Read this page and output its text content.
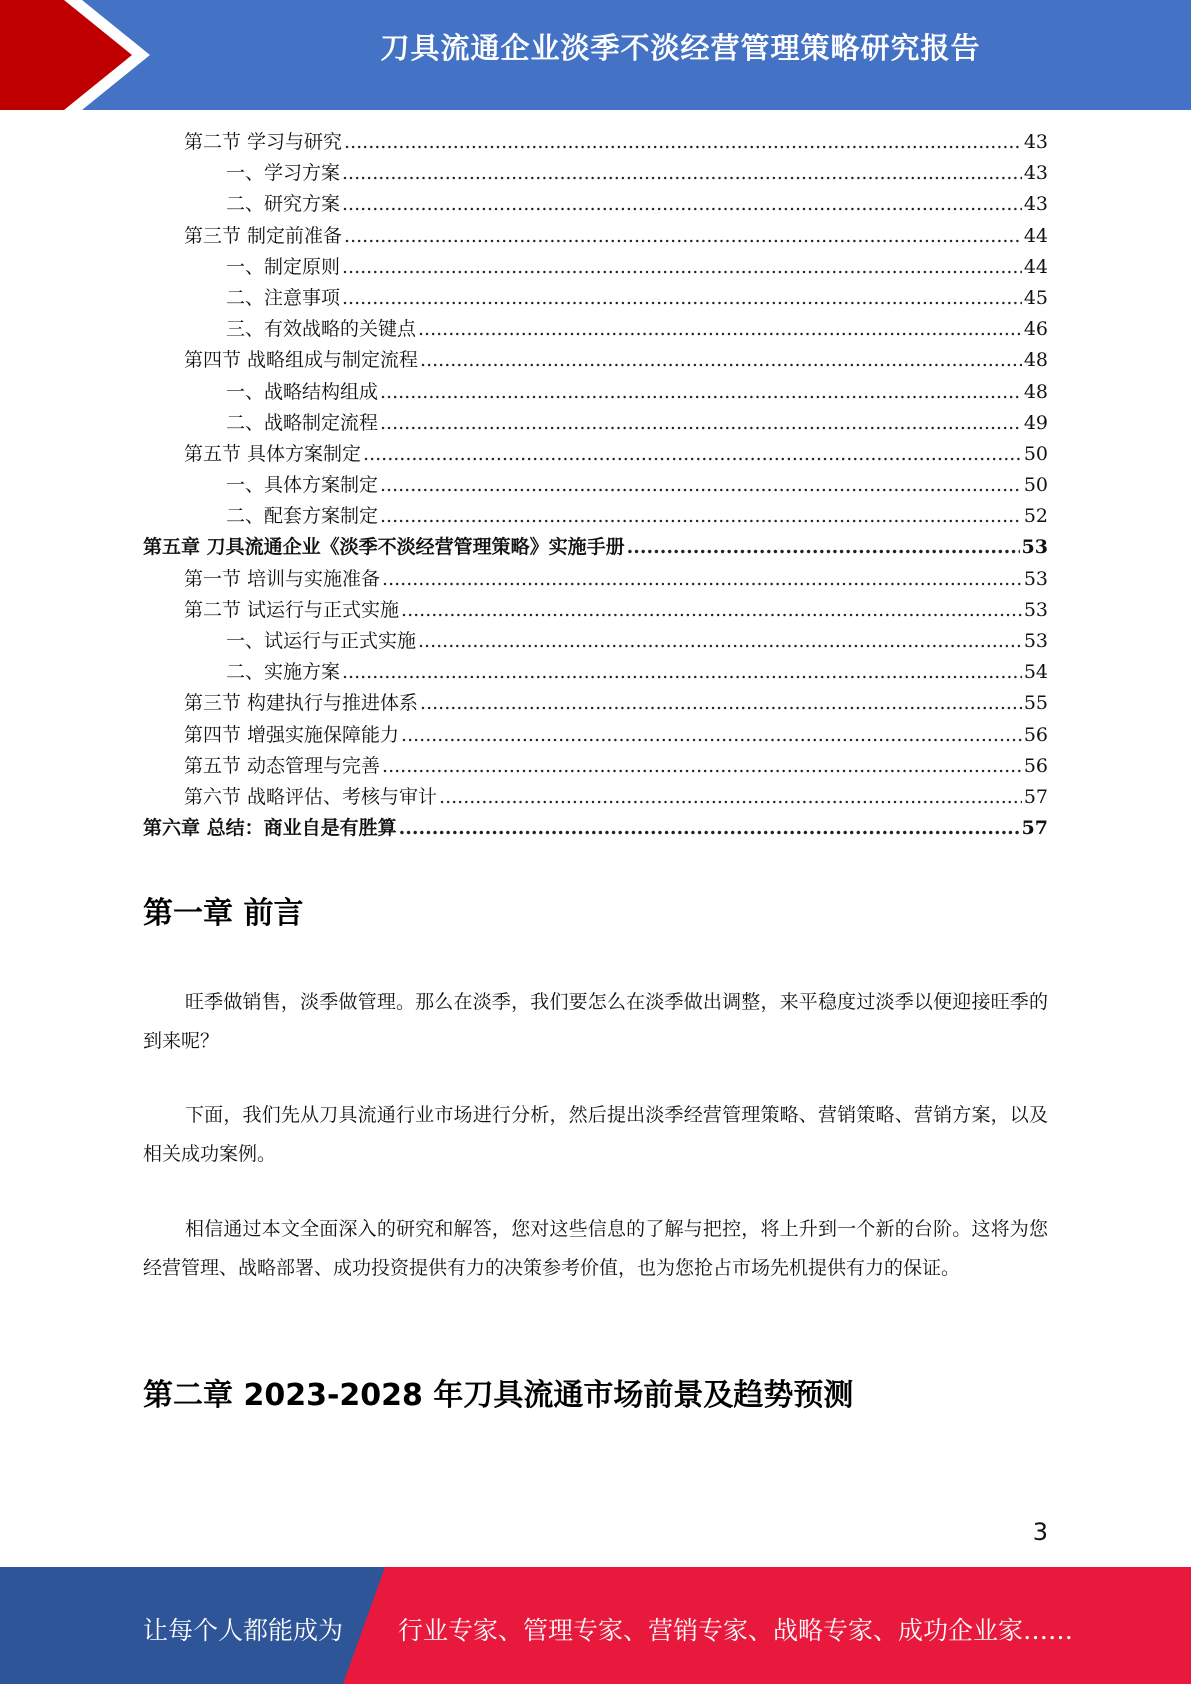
刀具流通企业淡季不淡经营管理策略研究报告
第二节 学习与研究 .....	43
一、学习方案 .....	43
二、研究方案 .....	43
第三节 制定前准备 .....	44
一、制定原则 .....	44
二、注意事项 .....	45
三、有效战略的关键点 .....	46
第四节 战略组成与制定流程 .....	48
一、战略结构组成 .....	48
二、战略制定流程 .....	49
第五节 具体方案制定 .....	50
一、具体方案制定 .....	50
二、配套方案制定 .....	52
第五章 刀具流通企业《淡季不淡经营管理策略》实施手册 .....	53
第一节 培训与实施准备 .....	53
第二节 试运行与正式实施 .....	53
一、试运行与正式实施 .....	53
二、实施方案 .....	54
第三节 构建执行与推进体系 .....	55
第四节 增强实施保障能力 .....	56
第五节 动态管理与完善 .....	56
第六节 战略评估、考核与审计 .....	57
第六章 总结：商业自是有胜算 .....	57
第一章 前言
旺季做销售，淡季做管理。那么在淡季，我们要怎么在淡季做出调整，来平稳度过淡季以便迎接旺季的到来呢？
下面，我们先从刀具流通行业市场进行分析，然后提出淡季经营管理策略、营销策略、营销方案，以及相关成功案例。
相信通过本文全面深入的研究和解答，您对这些信息的了解与把控，将上升到一个新的台阶。这将为您经营管理、战略部署、成功投资提供有力的决策参考价值，也为您抢占市场先机提供有力的保证。
第二章 2023-2028 年刀具流通市场前景及趋势预测
3
让每个人都能成为 行业专家、管理专家、营销专家、战略专家、成功企业家……
